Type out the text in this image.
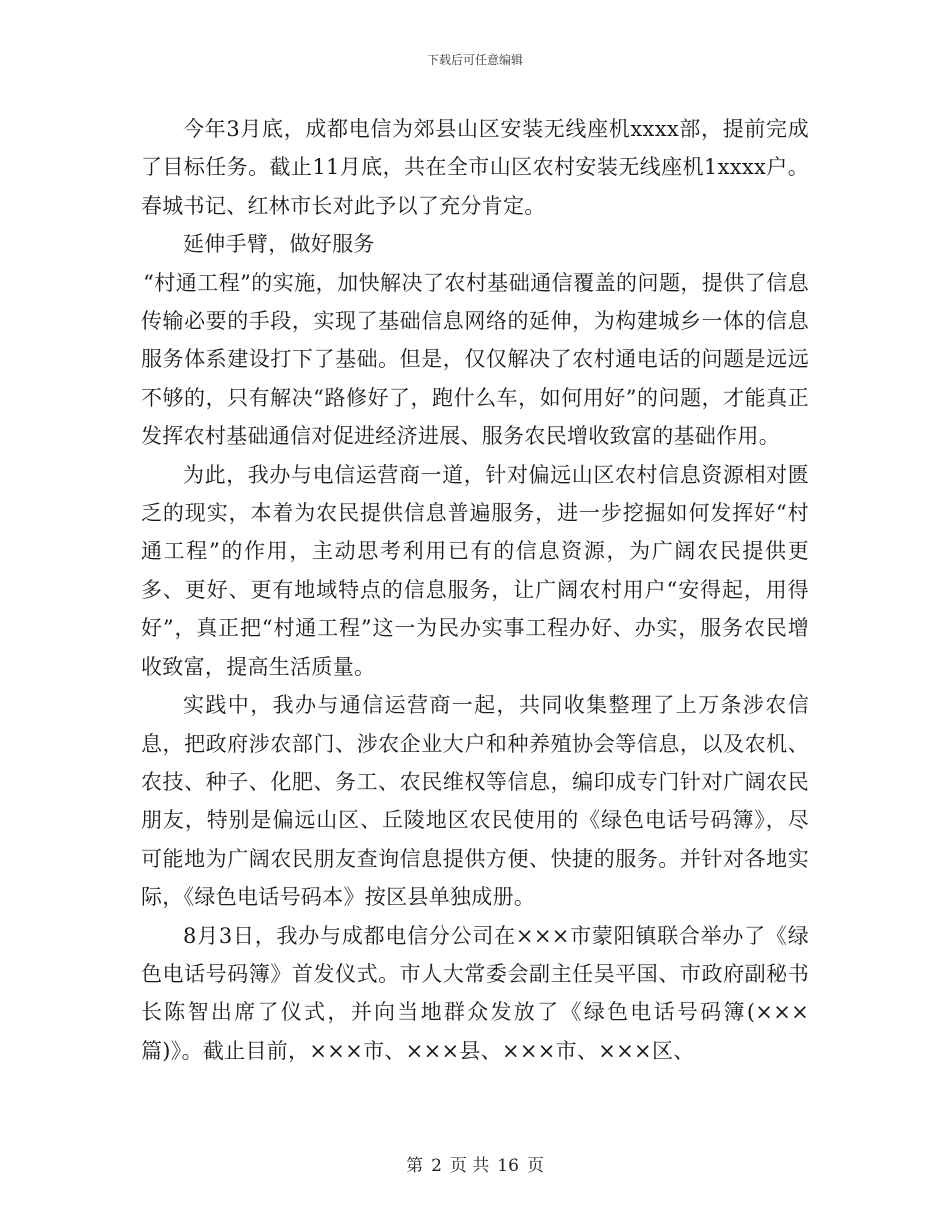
下载后可任意编辑

今年3月底，成都电信为郊县山区安装无线座机xxxx部，提前完成了目标任务。截止11月底，共在全市山区农村安装无线座机1xxxx户。春城书记、红林市长对此予以了充分肯定。

延伸手臂，做好服务

“村通工程”的实施，加快解决了农村基础通信覆盖的问题，提供了信息传输必要的手段，实现了基础信息网络的延伸，为构建城乡一体的信息服务体系建设打下了基础。但是，仅仅解决了农村通电话的问题是远远不够的，只有解决“路修好了，跑什么车，如何用好”的问题，才能真正发挥农村基础通信对促进经济进展、服务农民增收致富的基础作用。

为此，我办与电信运营商一道，针对偏远山区农村信息资源相对匮乏的现实，本着为农民提供信息普遍服务，进一步挖掘如何发挥好“村通工程”的作用，主动思考利用已有的信息资源，为广阔农民提供更多、更好、更有地域特点的信息服务，让广阔农村用户“安得起，用得好”，真正把“村通工程”这一为民办实事工程办好、办实，服务农民增收致富，提高生活质量。

实践中，我办与通信运营商一起，共同收集整理了上万条涉农信息，把政府涉农部门、涉农企业大户和种养殖协会等信息，以及农机、农技、种子、化肥、务工、农民维权等信息，编印成专门针对广阔农民朋友，特别是偏远山区、丘陵地区农民使用的《绿色电话号码簿》，尽可能地为广阔农民朋友查询信息提供方便、快捷的服务。并针对各地实际，《绿色电话号码本》按区县单独成册。

8月3日，我办与成都电信分公司在×××市蒙阳镇联合举办了《绿色电话号码簿》首发仪式。市人大常委会副主任吴平国、市政府副秘书长陈智出席了仪式，并向当地群众发放了《绿色电话号码簿(×××篇)》。截止目前，×××市、×××县、×××市、×××区、

第 2 页 共 16 页
